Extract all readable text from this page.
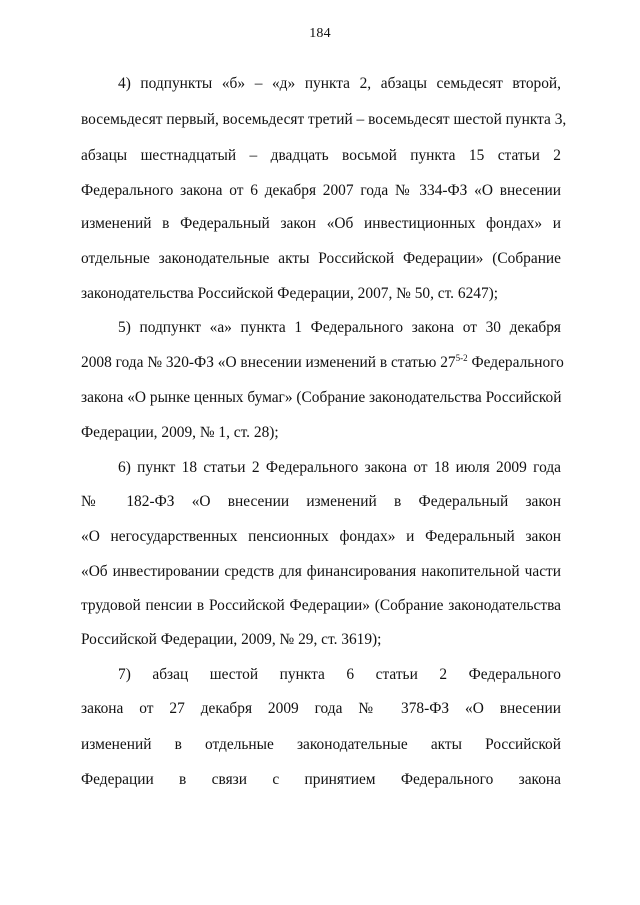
184
4) подпункты «б» – «д» пункта 2, абзацы семьдесят второй,
восемьдесят первый, восемьдесят третий – восемьдесят шестой пункта 3,
абзацы шестнадцатый – двадцать восьмой пункта 15 статьи 2
Федерального закона от 6 декабря 2007 года № 334-ФЗ «О внесении
изменений в Федеральный закон «Об инвестиционных фондах» и
отдельные законодательные акты Российской Федерации» (Собрание
законодательства Российской Федерации, 2007, № 50, ст. 6247);
5) подпункт «а» пункта 1 Федерального закона от 30 декабря
2008 года № 320-ФЗ «О внесении изменений в статью 27$^{5-2}$ Федерального
закона «О рынке ценных бумаг» (Собрание законодательства Российской
Федерации, 2009, № 1, ст. 28);
6) пункт 18 статьи 2 Федерального закона от 18 июля 2009 года
№ 182-ФЗ «О внесении изменений в Федеральный закон
«О негосударственных пенсионных фондах» и Федеральный закон
«Об инвестировании средств для финансирования накопительной части
трудовой пенсии в Российской Федерации» (Собрание законодательства
Российской Федерации, 2009, № 29, ст. 3619);
7) абзац шестой пункта 6 статьи 2 Федерального
закона от 27 декабря 2009 года № 378-ФЗ «О внесении
изменений в отдельные законодательные акты Российской
Федерации в связи с принятием Федерального закона
